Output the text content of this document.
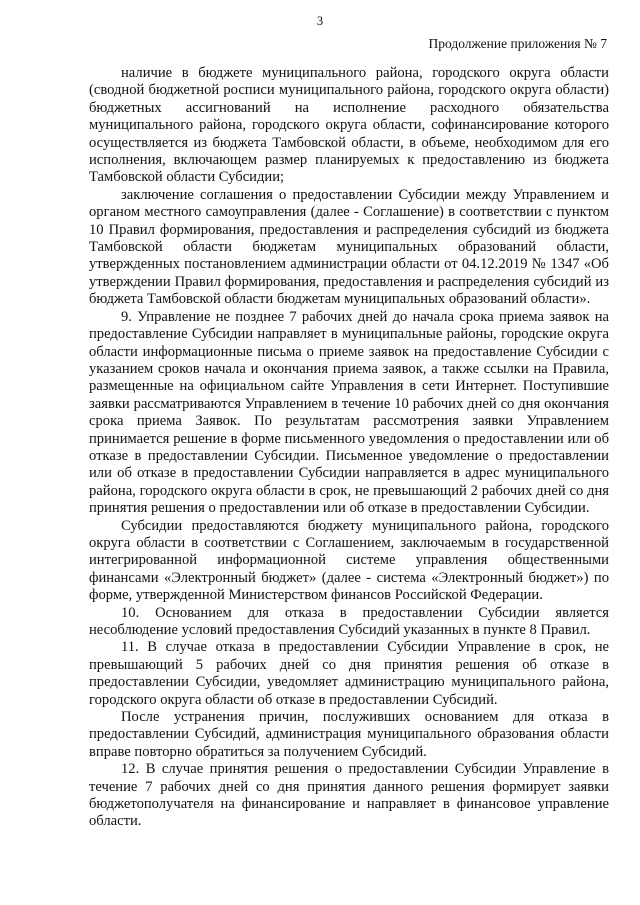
3
Продолжение приложения № 7

наличие в бюджете муниципального района, городского округа области (сводной бюджетной росписи муниципального района, городского округа области) бюджетных ассигнований на исполнение расходного обязательства муниципального района, городского округа области, софинансирование которого осуществляется из бюджета Тамбовской области, в объеме, необходимом для его исполнения, включающем размер планируемых к предоставлению из бюджета Тамбовской области Субсидии;

заключение соглашения о предоставлении Субсидии между Управлением и органом местного самоуправления (далее - Соглашение) в соответствии с пунктом 10 Правил формирования, предоставления и распределения субсидий из бюджета Тамбовской области бюджетам муниципальных образований области, утвержденных постановлением администрации области от 04.12.2019 № 1347 «Об утверждении Правил формирования, предоставления и распределения субсидий из бюджета Тамбовской области бюджетам муниципальных образований области».

9. Управление не позднее 7 рабочих дней до начала срока приема заявок на предоставление Субсидии направляет в муниципальные районы, городские округа области информационные письма о приеме заявок на предоставление Субсидии с указанием сроков начала и окончания приема заявок, а также ссылки на Правила, размещенные на официальном сайте Управления в сети Интернет. Поступившие заявки рассматриваются Управлением в течение 10 рабочих дней со дня окончания срока приема Заявок. По результатам рассмотрения заявки Управлением принимается решение в форме письменного уведомления о предоставлении или об отказе в предоставлении Субсидии. Письменное уведомление о предоставлении или об отказе в предоставлении Субсидии направляется в адрес муниципального района, городского округа области в срок, не превышающий 2 рабочих дней со дня принятия решения о предоставлении или об отказе в предоставлении Субсидии.

Субсидии предоставляются бюджету муниципального района, городского округа области в соответствии с Соглашением, заключаемым в государственной интегрированной информационной системе управления общественными финансами «Электронный бюджет» (далее - система «Электронный бюджет») по форме, утвержденной Министерством финансов Российской Федерации.

10. Основанием для отказа в предоставлении Субсидии является несоблюдение условий предоставления Субсидий указанных в пункте 8 Правил.

11. В случае отказа в предоставлении Субсидии Управление в срок, не превышающий 5 рабочих дней со дня принятия решения об отказе в предоставлении Субсидии, уведомляет администрацию муниципального района, городского округа области об отказе в предоставлении Субсидий.

После устранения причин, послуживших основанием для отказа в предоставлении Субсидий, администрация муниципального образования области вправе повторно обратиться за получением Субсидий.

12. В случае принятия решения о предоставлении Субсидии Управление в течение 7 рабочих дней со дня принятия данного решения формирует заявки бюджетополучателя на финансирование и направляет в финансовое управление области.
